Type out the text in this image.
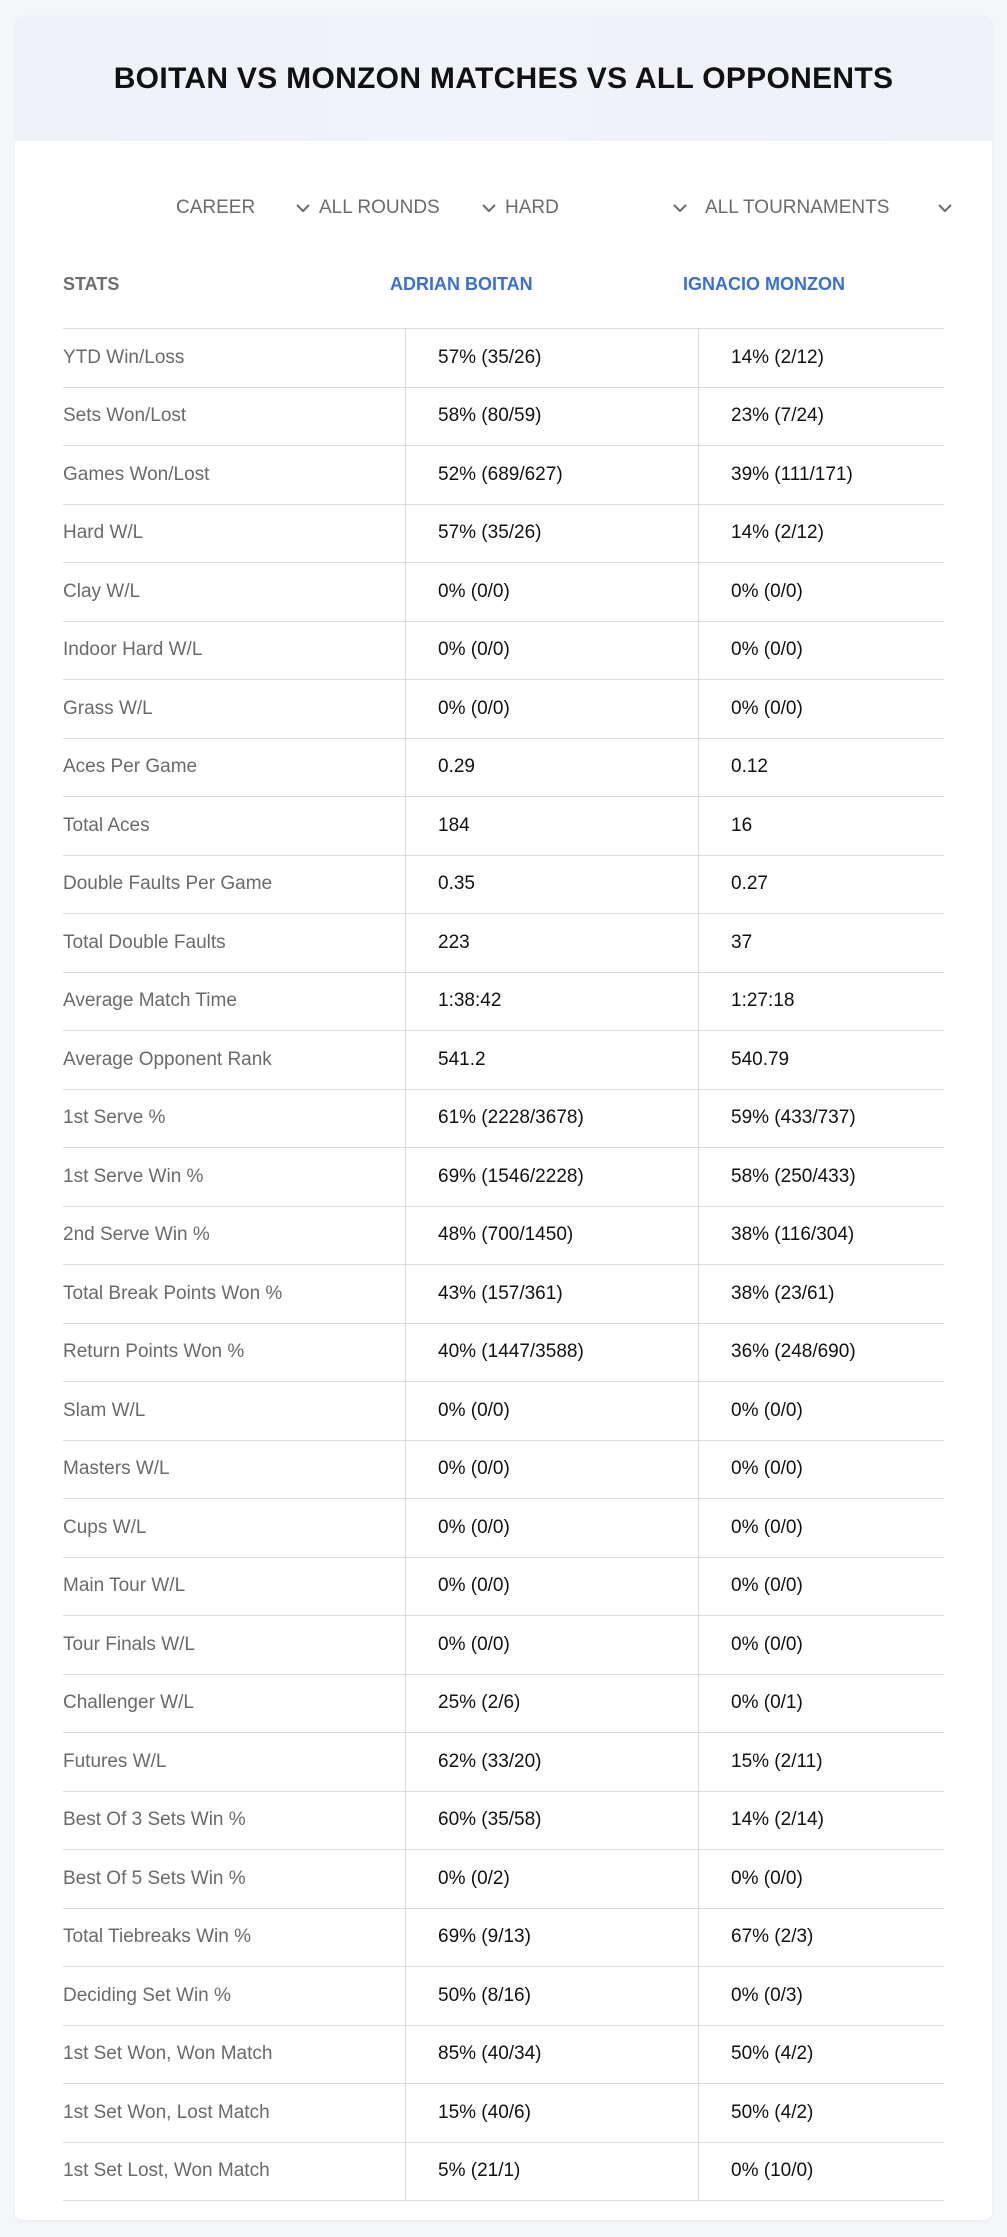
BOITAN VS MONZON MATCHES VS ALL OPPONENTS
CAREER	ALL ROUNDS	HARD	ALL TOURNAMENTS
STATS	ADRIAN BOITAN	IGNACIO MONZON
YTD Win/Loss	57% (35/26)	14% (2/12)
Sets Won/Lost	58% (80/59)	23% (7/24)
Games Won/Lost	52% (689/627)	39% (111/171)
Hard W/L	57% (35/26)	14% (2/12)
Clay W/L	0% (0/0)	0% (0/0)
Indoor Hard W/L	0% (0/0)	0% (0/0)
Grass W/L	0% (0/0)	0% (0/0)
Aces Per Game	0.29	0.12
Total Aces	184	16
Double Faults Per Game	0.35	0.27
Total Double Faults	223	37
Average Match Time	1:38:42	1:27:18
Average Opponent Rank	541.2	540.79
1st Serve %	61% (2228/3678)	59% (433/737)
1st Serve Win %	69% (1546/2228)	58% (250/433)
2nd Serve Win %	48% (700/1450)	38% (116/304)
Total Break Points Won %	43% (157/361)	38% (23/61)
Return Points Won %	40% (1447/3588)	36% (248/690)
Slam W/L	0% (0/0)	0% (0/0)
Masters W/L	0% (0/0)	0% (0/0)
Cups W/L	0% (0/0)	0% (0/0)
Main Tour W/L	0% (0/0)	0% (0/0)
Tour Finals W/L	0% (0/0)	0% (0/0)
Challenger W/L	25% (2/6)	0% (0/1)
Futures W/L	62% (33/20)	15% (2/11)
Best Of 3 Sets Win %	60% (35/58)	14% (2/14)
Best Of 5 Sets Win %	0% (0/2)	0% (0/0)
Total Tiebreaks Win %	69% (9/13)	67% (2/3)
Deciding Set Win %	50% (8/16)	0% (0/3)
1st Set Won, Won Match	85% (40/34)	50% (4/2)
1st Set Won, Lost Match	15% (40/6)	50% (4/2)
1st Set Lost, Won Match	5% (21/1)	0% (10/0)
